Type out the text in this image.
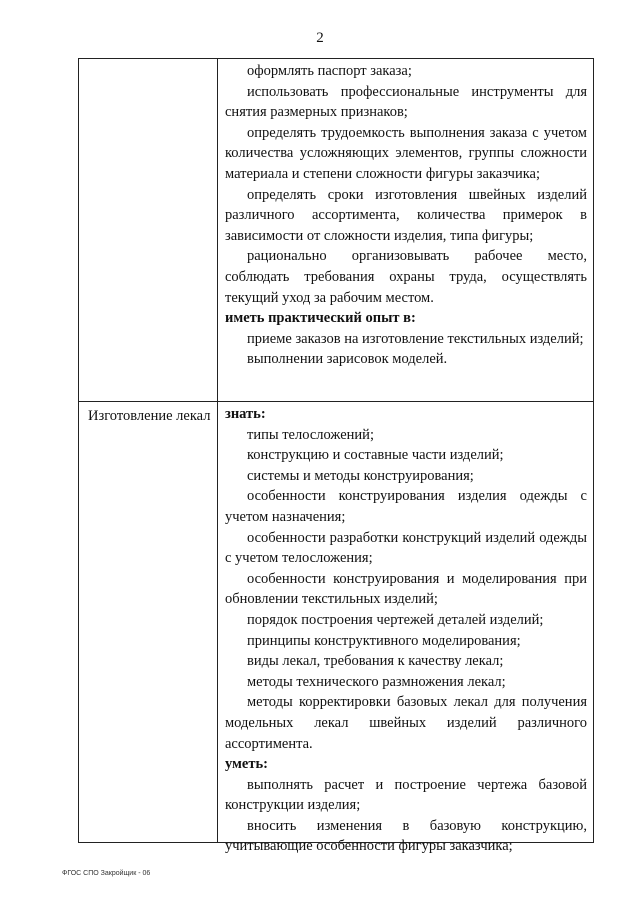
2
Изготовление лекал

оформлять паспорт заказа;

использовать профессиональные инструменты для снятия размерных признаков;

определять трудоемкость выполнения заказа с учетом количества усложняющих элементов, группы сложности материала и степени сложности фигуры заказчика;

определять сроки изготовления швейных изделий различного ассортимента, количества примерок в зависимости от сложности изделия, типа фигуры;

рационально организовывать рабочее место, соблюдать требования охраны труда, осуществлять текущий уход за рабочим местом.

иметь практический опыт в:

приеме заказов на изготовление текстильных изделий;

выполнении зарисовок моделей.

знать:

типы телосложений;

конструкцию и составные части изделий;

системы и методы конструирования;

особенности конструирования изделия одежды с учетом назначения;

особенности разработки конструкций изделий одежды с учетом телосложения;

особенности конструирования и моделирования при обновлении текстильных изделий;

порядок построения чертежей деталей изделий;

принципы конструктивного моделирования;

виды лекал, требования к качеству лекал;

методы технического размножения лекал;

методы корректировки базовых лекал для получения модельных лекал швейных изделий различного ассортимента.

уметь:

выполнять расчет и построение чертежа базовой конструкции изделия;

вносить изменения в базовую конструкцию, учитывающие особенности фигуры заказчика;

ФГОС СПО Закройщик - 06
